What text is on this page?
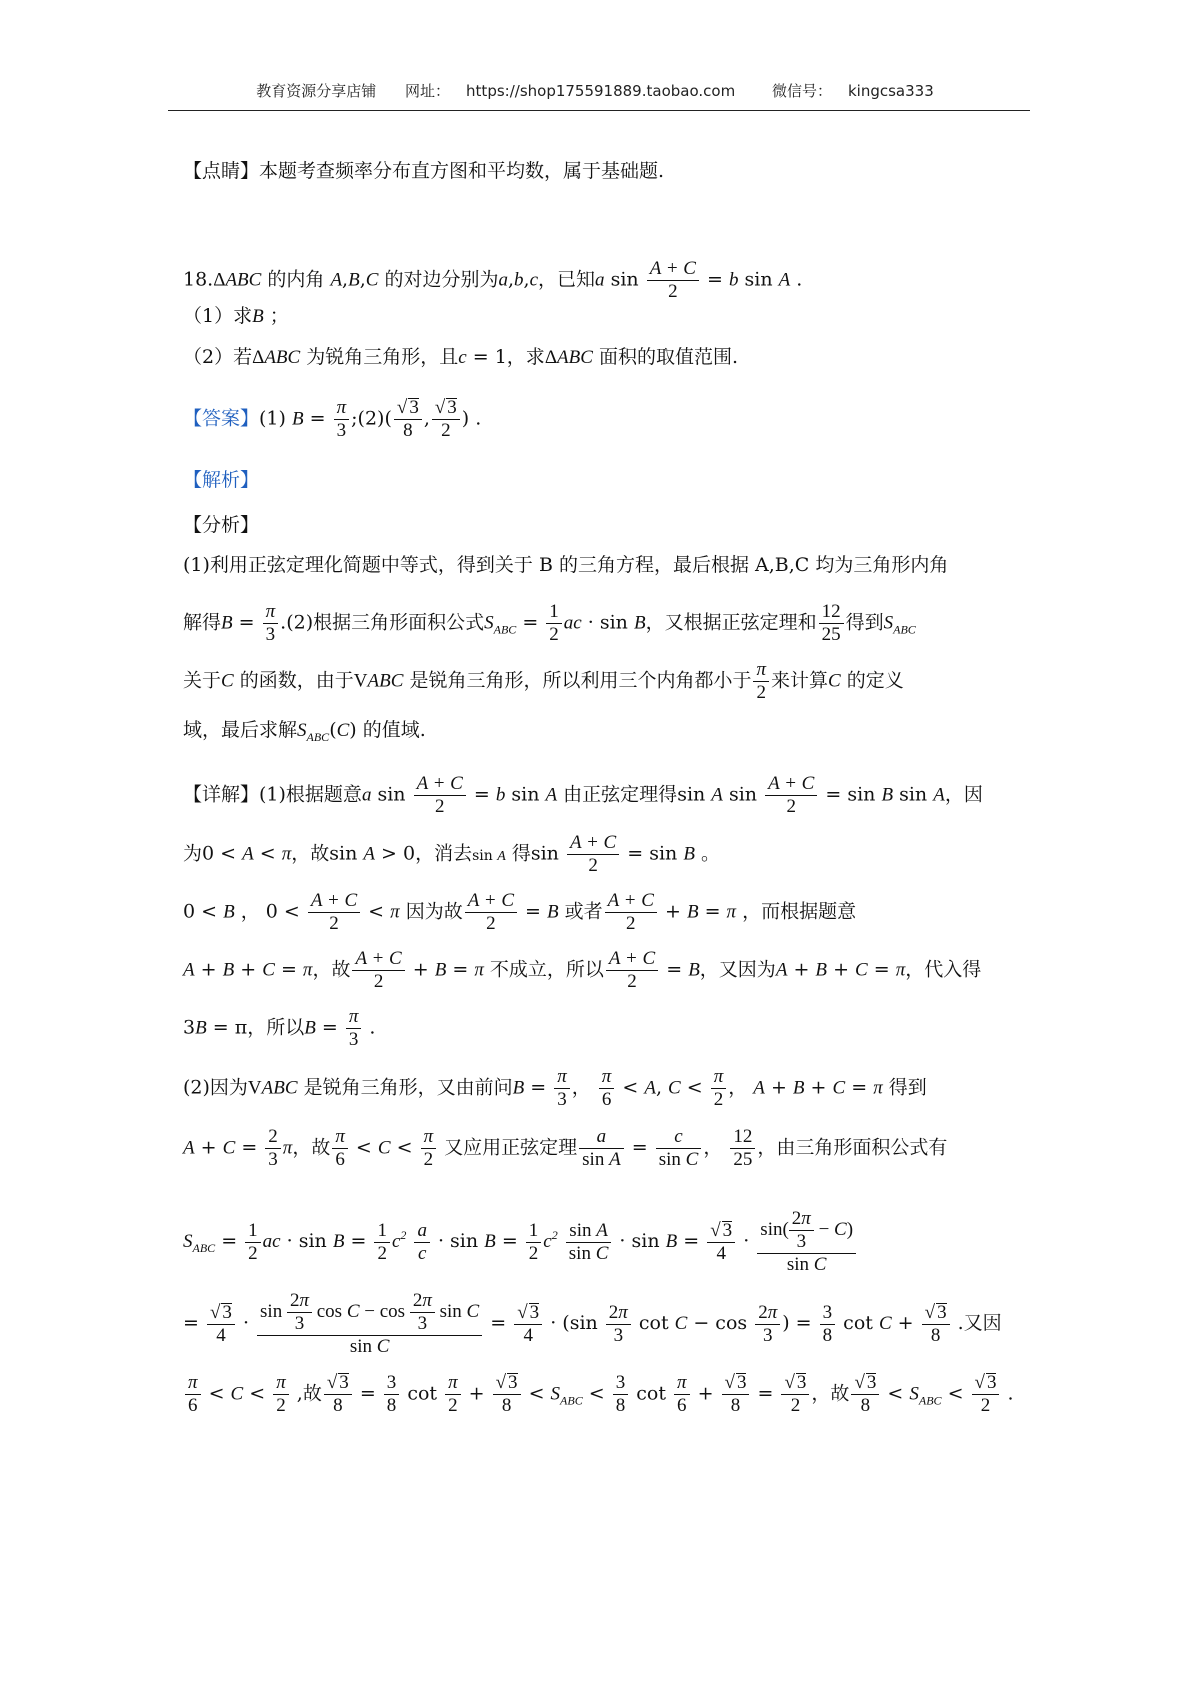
教育资源分享店铺 网址： https://shop175591889.taobao.com 微信号： kingcsa333
【点睛】本题考查频率分布直方图和平均数，属于基础题.
18.ΔABC 的内角 A,B,C 的对边分别为a,b,c，已知a $\sin \frac{A + C}{2} = b$ sin A .
（1）求B ；
（2）若ΔABC 为锐角三角形，且c = 1，求ΔABC 面积的取值范围.
【答案】(1) $B = \frac{\pi}{3}$ ;(2)( $\frac{√ 3}{8}$ , $\frac{√ 3}{2}$ ) .
【解析】
【分析】
(1)利用正弦定理化简题中等式，得到关于 B 的三角方程，最后根据 A,B,C 均为三角形内角
解得$B = \frac{\pi}{3} .(2)$根据三角形面积公式$S_{ABC} = \frac{1}{2}$ ac · sin B，又根据正弦定理和 $\frac{12}{25}$ 得到$S_{ABC}$
关于C 的函数，由于VABC 是锐角三角形，所以利用三个内角都小于 $\frac{\pi}{2}$ 来计算C 的定义
域，最后求解$S_{ABC}(C)$ 的值域.
【详解】(1)根据题意a $\sin \frac{A + C}{2} = b$ sin A 由正弦定理得sin A $\sin \frac{A + C}{2} = \sin B$ sin A，因
为0 < A < π，故sin A > 0，消去sin A 得$\sin \frac{A + C}{2} = \sin B$ 。
0 < B ， $0 < \frac{A + C}{2} < \pi$ 因为故 $\frac{A + C}{2} = B$ 或者 $\frac{A + C}{2} + B = \pi$ ，而根据题意
A + B + C = π，故 $\frac{A + C}{2} + B = \pi$ 不成立，所以 $\frac{A + C}{2} = B$，又因为A + B + C = π，代入得
3B = π，所以$B = \frac{\pi}{3}$ .
(2)因为VABC 是锐角三角形，又由前问$B = \frac{\pi}{3}$ ， $\frac{\pi}{6} < A$, $C < \frac{\pi}{2}$ ， A + B + C = π 得到
$A + C = \frac{2}{3}$ π，故 $\frac{\pi}{6} < C < \frac{\pi}{2}$ 又应用正弦定理 $\frac{a}{\text{sin A}} = \frac{c}{\text{sin C}}$ ， $\frac{12}{25}$ ，由三角形面积公式有
$S_{ABC} = \frac{1}{2}$ ac · $\sin B = \frac{1}{2} c^2 \frac{a}{c} \cdot \sin B = \frac{1}{2} c^2 \frac{\text{sin A}}{\text{sin C}} \cdot \sin B = \frac{√ 3}{4} \cdot \frac{\sin( \frac{2\pi}{3} - C)}{\text{sin C}}$
= $\frac{√ 3}{4} \cdot \frac{\sin \frac{2\pi}{3} \cos C - \cos \frac{2\pi}{3} \sin C}{\text{sin C}} = \frac{√ 3}{4} \cdot (\sin \frac{2\pi}{3}$ $\cot C - \cos \frac{2\pi}{3}$ ) = $\frac{3}{8}$ $\cot C + \frac{√ 3}{8}$ .又因
$\frac{\pi}{6} < C < \frac{\pi}{2}$ ,故 $\frac{√ 3}{8} = \frac{3}{8}$ $\cot \frac{\pi}{2} + \frac{√ 3}{8} < S_{ABC} < \frac{3}{8}$ $\cot \frac{\pi}{6} + \frac{√ 3}{8} = \frac{√ 3}{2}$ ，故 $\frac{√ 3}{8} < S_{ABC} < \frac{√ 3}{2}$ .
